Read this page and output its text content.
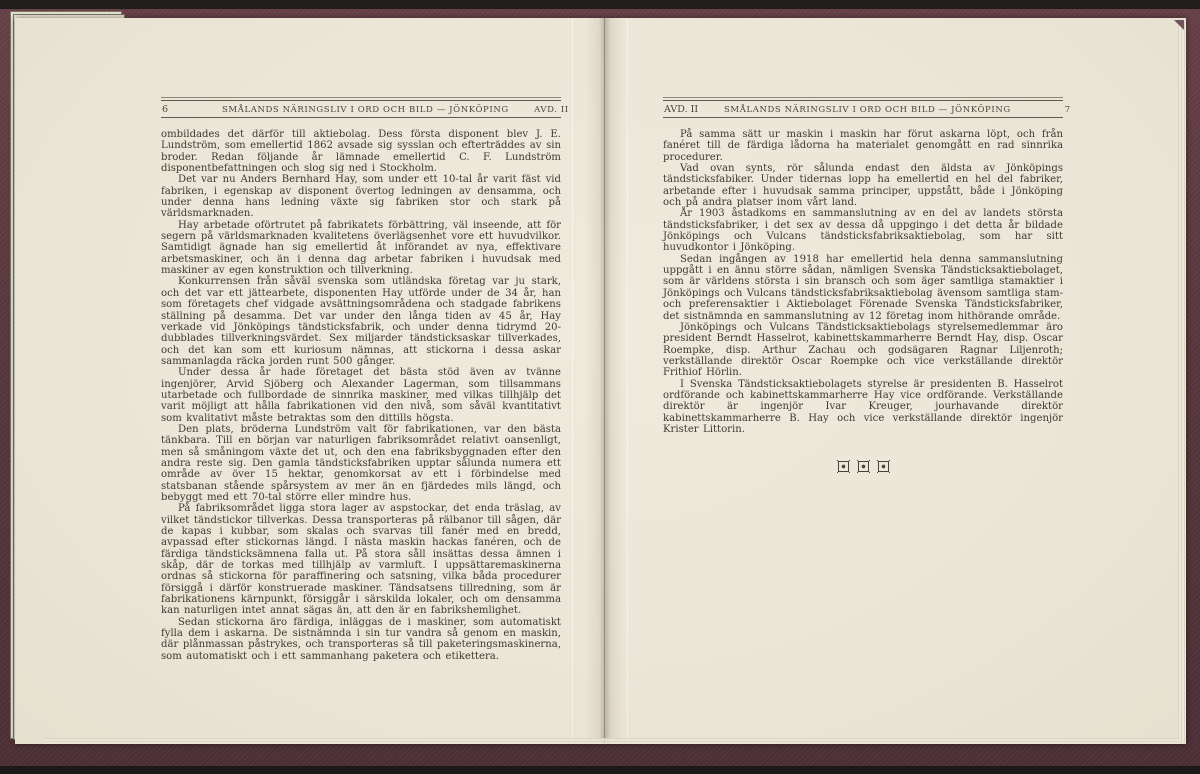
6	SMÅLANDS NÄRINGSLIV I ORD OCH BILD — JÖNKÖPING	AVD. II

ombildades det därför till aktiebolag. Dess första disponent blev J. E. Lundström, som emellertid 1862 avsade sig sysslan och efterträddes av sin broder. Redan följande år lämnade emellertid C. F. Lundström disponentbefattningen och slog sig ned i Stockholm.

Det var nu Anders Bernhard Hay, som under ett 10-tal år varit fäst vid fabriken, i egenskap av disponent övertog ledningen av densamma, och under denna hans ledning växte sig fabriken stor och stark på världsmarknaden.

Hay arbetade oförtrutet på fabrikatets förbättring, väl inseende, att för segern på världsmarknaden kvalitetens överlägsenhet vore ett huvudvilkor. Samtidigt ägnade han sig emellertid åt införandet av nya, effektivare arbetsmaskiner, och än i denna dag arbetar fabriken i huvudsak med maskiner av egen konstruktion och tillverkning.

Konkurrensen från såväl svenska som utländska företag var ju stark, och det var ett jättearbete, disponenten Hay utförde under de 34 år, han som företagets chef vidgade avsättningsområdena och stadgade fabrikens ställning på desamma. Det var under den långa tiden av 45 år, Hay verkade vid Jönköpings tändsticksfabrik, och under denna tidrymd 20-dubblades tillverkningsvärdet. Sex miljarder tändsticksaskar tillverkades, och det kan som ett kuriosum nämnas, att stickorna i dessa askar sammanlagda räcka jorden runt 500 gånger.

Under dessa år hade företaget det bästa stöd även av tvänne ingenjörer, Arvid Sjöberg och Alexander Lagerman, som tillsammans utarbetade och fullbordade de sinnrika maskiner, med vilkas tillhjälp det varit möjligt att hålla fabrikationen vid den nivå, som såväl kvantitativt som kvalitativt måste betraktas som den dittills högsta.

Den plats, bröderna Lundström valt för fabrikationen, var den bästa tänkbara. Till en början var naturligen fabriksområdet relativt oansenligt, men så småningom växte det ut, och den ena fabriksbyggnaden efter den andra reste sig. Den gamla tändsticksfabriken upptar sålunda numera ett område av över 15 hektar, genomkorsat av ett i förbindelse med statsbanan stående spårsystem av mer än en fjärdedes mils längd, och bebyggt med ett 70-tal större eller mindre hus.

På fabriksområdet ligga stora lager av aspstockar, det enda träslag, av vilket tändstickor tillverkas. Dessa transporteras på rälbanor till sågen, där de kapas i kubbar, som skalas och svarvas till fanér med en bredd, avpassad efter stickornas längd. I nästa maskin hackas fanéren, och de färdiga tändsticksämnena falla ut. På stora såll insättas dessa ämnen i skåp, där de torkas med tillhjälp av varmluft. I uppsättaremaskinerna ordnas så stickorna för paraffinering och satsning, vilka båda procedurer försiggå i därför konstruerade maskiner. Tändsatsens tillredning, som är fabrikationens kärnpunkt, försiggår i särskilda lokaler, och om densamma kan naturligen intet annat sägas än, att den är en fabrikshemlighet.

Sedan stickorna äro färdiga, inläggas de i maskiner, som automatiskt fylla dem i askarna. De sistnämnda i sin tur vandra så genom en maskin, där plånmassan påstrykes, och transporteras så till paketeringsmaskinerna, som automatiskt och i ett sammanhang paketera och etikettera.

AVD. II	SMÅLANDS NÄRINGSLIV I ORD OCH BILD — JÖNKÖPING	7

På samma sätt ur maskin i maskin har förut askarna löpt, och från fanéret till de färdiga lådorna ha materialet genomgått en rad sinnrika procedurer.

Vad ovan synts, rör sålunda endast den äldsta av Jönköpings tändsticksfabiker. Under tidernas lopp ha emellertid en hel del fabriker, arbetande efter i huvudsak samma principer, uppstått, både i Jönköping och på andra platser inom vårt land.

År 1903 åstadkoms en sammanslutning av en del av landets största tändsticksfabriker, i det sex av dessa då uppgingo i det detta år bildade Jönköpings och Vulcans tändsticksfabriksaktiebolag, som har sitt huvudkontor i Jönköping.

Sedan ingången av 1918 har emellertid hela denna sammanslutning uppgått i en ännu större sådan, nämligen Svenska Tändsticksaktiebolaget, som är världens största i sin bransch och som äger samtliga stamaktier i Jönköpings och Vulcans tändsticksfabriksaktiebolag ävensom samtliga stam- och preferensaktier i Aktiebolaget Förenade Svenska Tändsticksfabriker, det sistnämnda en sammanslutning av 12 företag inom hithörande område.

Jönköpings och Vulcans Tändsticksaktiebolags styrelsemedlemmar äro president Berndt Hasselrot, kabinettskammarherre Berndt Hay, disp. Oscar Roempke, disp. Arthur Zachau och godsägaren Ragnar Liljenroth; verkställande direktör Oscar Roempke och vice verkställande direktör Frithiof Hörlin.

I Svenska Tändsticksaktiebolagets styrelse är presidenten B. Hasselrot ordförande och kabinettskammarherre Hay vice ordförande. Verkställande direktör är ingenjör Ivar Kreuger, jourhavande direktör kabinettskammarherre B. Hay och vice verkställande direktör ingenjör Krister Littorin.
